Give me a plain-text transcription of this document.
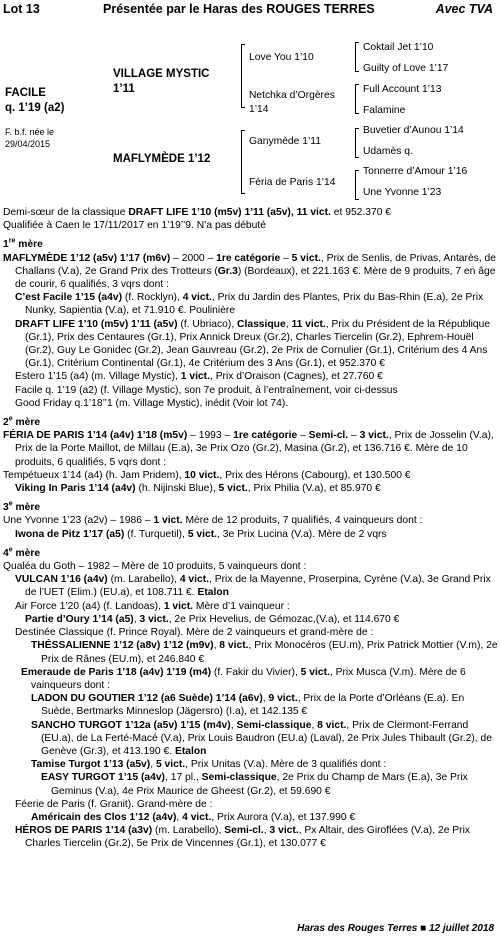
Lot 13	Présentée par le Haras des ROUGES TERRES	Avec TVA
FACILE
q. 1’19 (a2)
F. b.f. née le
29/04/2015
VILLAGE MYSTIC
1’11
MAFLYMÈDE 1’12
Love You 1’10
Netchka d’Orgères
1’14
Ganymède 1’11
Féria de Paris 1’14
Coktail Jet 1’10
Guilty of Love 1’17
Full Account 1’13
Falamine
Buvetier d’Aunou 1’14
Udamès q.
Tonnerre d’Amour 1’16
Une Yvonne 1’23

Demi-sœur de la classique DRAFT LIFE 1’10 (m5v) 1’11 (a5v), 11 vict. et 952.370 €

Qualifiée à Caen le 17/11/2017 en 1’19’’9. N’a pas débuté

1re mère

MAFLYMÈDE 1’12 (a5v) 1’17 (m6v) – 2000 – 1re catégorie – 5 vict., Prix de Senlis, de Privas, Antarès, de Challans (V.a), 2e Grand Prix des Trotteurs (Gr.3) (Bordeaux), et 221.163 €. Mère de 9 produits, 7 en âge de courir, 6 qualifiés, 3 vqrs dont :

C’est Facile 1’15 (a4v) (f. Rocklyn), 4 vict., Prix du Jardin des Plantes, Prix du Bas-Rhin (E.a), 2e Prix Nunky, Sapientia (V.a), et 71.910 €. Poulinière

DRAFT LIFE 1’10 (m5v) 1’11 (a5v) (f. Ubriaco), Classique, 11 vict., Prix du Président de la République (Gr.1), Prix des Centaures (Gr.1), Prix Annick Dreux (Gr.2), Charles Tiercelin (Gr.2), Ephrem-Houël (Gr.2), Guy Le Gonidec (Gr.2), Jean Gauvreau (Gr.2), 2e Prix de Cornulier (Gr.1), Critérium des 4 Ans (Gr.1), Critérium Continental (Gr.1), 4e Critérium des 3 Ans (Gr.1), et 952.370 €

Estero 1’15 (a4) (m. Village Mystic), 1 vict., Prix d’Oraison (Cagnes), et 27.760 €

Facile q. 1’19 (a2) (f. Village Mystic), son 7e produit, à l’entraînement, voir ci-dessus

Good Friday q.1’18’’1 (m. Village Mystic), inédit (Voir lot 74).

2e mère

FÉRIA DE PARIS 1’14 (a4v) 1’18 (m5v) – 1993 – 1re catégorie – Semi-cl. – 3 vict., Prix de Josselin (V.a), Prix de la Porte Maillot, de Millau (E.a), 3e Prix Ozo (Gr.2), Masina (Gr.2), et 136.716 €. Mère de 10 produits, 6 qualifiés, 5 vqrs dont :

Tempétueux 1’14 (a4) (h. Jam Pridem), 10 vict., Prix des Hérons (Cabourg), et 130.500 €

Viking In Paris 1’14 (a4v) (h. Nijinski Blue), 5 vict., Prix Philia (V.a), et 85.970 €

3e mère

Une Yvonne 1’23 (a2v) – 1986 – 1 vict. Mère de 12 produits, 7 qualifiés, 4 vainqueurs dont :

Iwona de Pitz 1’17 (a5) (f. Turquetil), 5 vict., 3e Prix Lucina (V.a). Mère de 2 vqrs

4e mère

Qualéa du Goth – 1982 – Mère de 10 produits, 5 vainqueurs dont :

VULCAN 1’16 (a4v) (m. Larabello), 4 vict., Prix de la Mayenne, Proserpina, Cyrène (V.a), 3e Grand Prix de l’UET (Elim.) (EU.a), et 108.711 €. Etalon

Air Force 1’20 (a4) (f. Landoas), 1 vict. Mère d’1 vainqueur :

Partie d’Oury 1’14 (a5), 3 vict., 2e Prix Hevelius, de Gémozac,(V.a), et 114.670 €

Destinée Classique (f. Prince Royal). Mère de 2 vainqueurs et grand-mère de :

THÉSSALIENNE 1’12 (a8v) 1’12 (m9v), 8 vict., Prix Monocéros (EU.m), Prix Patrick Mottier (V.m), 2e Prix de Rânes (EU.m), et 246.840 €

Emeraude de Paris 1’18 (a4v) 1’19 (m4) (f. Fakir du Vivier), 5 vict., Prix Musca (V.m). Mère de 6 vainqueurs dont :

LADON DU GOUTIER 1’12 (a6 Suède) 1’14 (a6v), 9 vict., Prix de la Porte d’Orléans (E.a). En Suède, Bertmarks Minneslop (Jägersro) (I.a), et 142.135 €

SANCHO TURGOT 1’12a (a5v) 1’15 (m4v), Semi-classique, 8 vict., Prix de Clermont-Ferrand (EU.a), de La Ferté-Macé (V.a), Prix Louis Baudron (EU.a) (Laval), 2e Prix Jules Thibault (Gr.2), de Genève (Gr.3), et 413.190 €. Etalon

Tamise Turgot 1’13 (a5v), 5 vict., Prix Unitas (V.a). Mère de 3 qualifiés dont :

EASY TURGOT 1’15 (a4v), 17 pl., Semi-classique, 2e Prix du Champ de Mars (E.a), 3e Prix Geminus (V.a), 4e Prix Maurice de Gheest (Gr.2), et 59.690 €

Féerie de Paris (f. Granit). Grand-mère de :

Américain des Clos 1’12 (a4v), 4 vict., Prix Aurora (V.a), et 137.990 €

HÉROS DE PARIS 1’14 (a3v) (m. Larabello), Semi-cl., 3 vict., Px Altair, des Giroflées (V.a), 2e Prix Charles Tiercelin (Gr.2), 5e Prix de Vincennes (Gr.1), et 130.077 €

Haras des Rouges Terres ■ 12 juillet 2018
